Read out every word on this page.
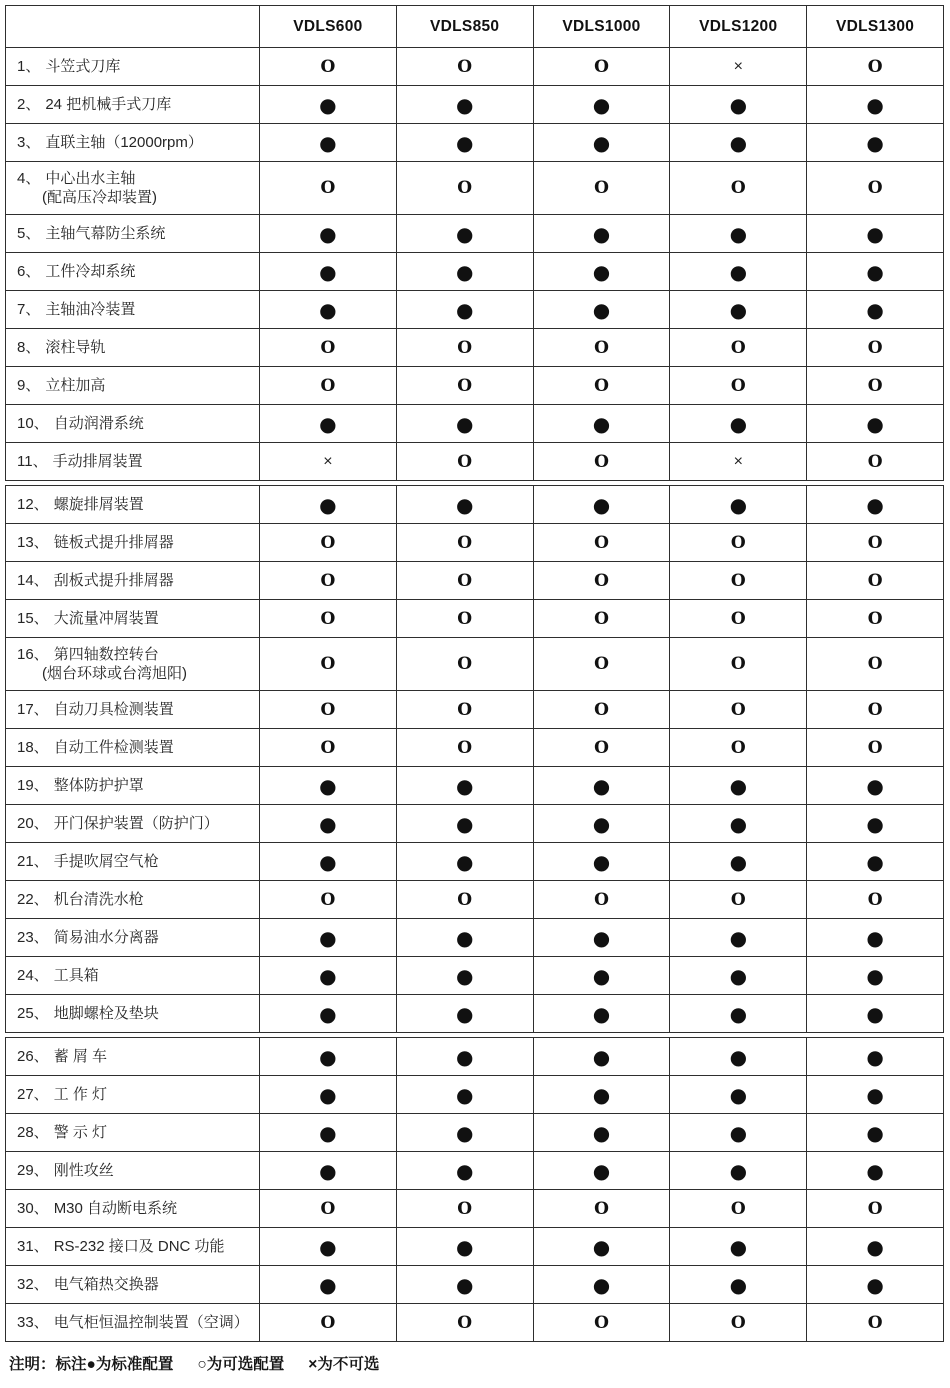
VDLS600	VDLS850	VDLS1000	VDLS1200	VDLS1300
1、 斗笠式刀库	O	O	O	×	O
2、 24 把机械手式刀库	●	●	●	●	●
3、 直联主轴（12000rpm）	●	●	●	●	●
4、 中心出水主轴
(配高压冷却装置)	O	O	O	O	O
5、 主轴气幕防尘系统	●	●	●	●	●
6、 工件冷却系统	●	●	●	●	●
7、 主轴油冷装置	●	●	●	●	●
8、 滚柱导轨	O	O	O	O	O
9、 立柱加高	O	O	O	O	O
10、 自动润滑系统	●	●	●	●	●
11、 手动排屑装置	×	O	O	×	O
12、 螺旋排屑装置	●	●	●	●	●
13、 链板式提升排屑器	O	O	O	O	O
14、 刮板式提升排屑器	O	O	O	O	O
15、 大流量冲屑装置	O	O	O	O	O
16、 第四轴数控转台
(烟台环球或台湾旭阳)	O	O	O	O	O
17、 自动刀具检测装置	O	O	O	O	O
18、 自动工件检测装置	O	O	O	O	O
19、 整体防护护罩	●	●	●	●	●
20、 开门保护装置（防护门）	●	●	●	●	●
21、 手提吹屑空气枪	●	●	●	●	●
22、 机台清洗水枪	O	O	O	O	O
23、 简易油水分离器	●	●	●	●	●
24、 工具箱	●	●	●	●	●
25、 地脚螺栓及垫块	●	●	●	●	●
26、 蓄 屑 车	●	●	●	●	●
27、 工 作 灯	●	●	●	●	●
28、 警 示 灯	●	●	●	●	●
29、 刚性攻丝	●	●	●	●	●
30、 M30 自动断电系统	O	O	O	O	O
31、 RS-232 接口及 DNC 功能	●	●	●	●	●
32、 电气箱热交换器	●	●	●	●	●
33、 电气柜恒温控制装置（空调）	O	O	O	O	O
注明：标注●为标准配置 ○为可选配置 ×为不可选
